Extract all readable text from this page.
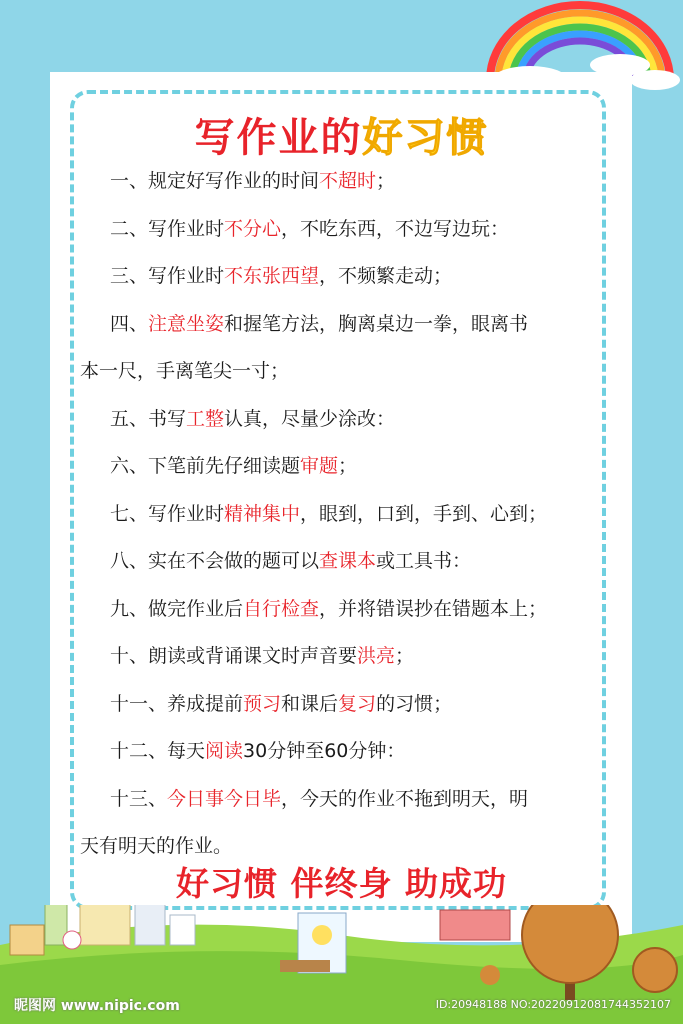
写作业的好习惯
一、规定好写作业的时间不超时；
二、写作业时不分心，不吃东西，不边写边玩：
三、写作业时不东张西望，不频繁走动；
四、注意坐姿和握笔方法，胸离桌边一拳，眼离书
本一尺，手离笔尖一寸；
五、书写工整认真，尽量少涂改：
六、下笔前先仔细读题审题；
七、写作业时精神集中，眼到，口到，手到、心到；
八、实在不会做的题可以查课本或工具书：
九、做完作业后自行检查，并将错误抄在错题本上；
十、朗读或背诵课文时声音要洪亮；
十一、养成提前预习和课后复习的习惯；
十二、每天阅读30分钟至60分钟：
十三、今日事今日毕，今天的作业不拖到明天，明
天有明天的作业。
好习惯 伴终身 助成功
昵图网 www.nipic.com	ID:20948188 NO:20220912081744352107
